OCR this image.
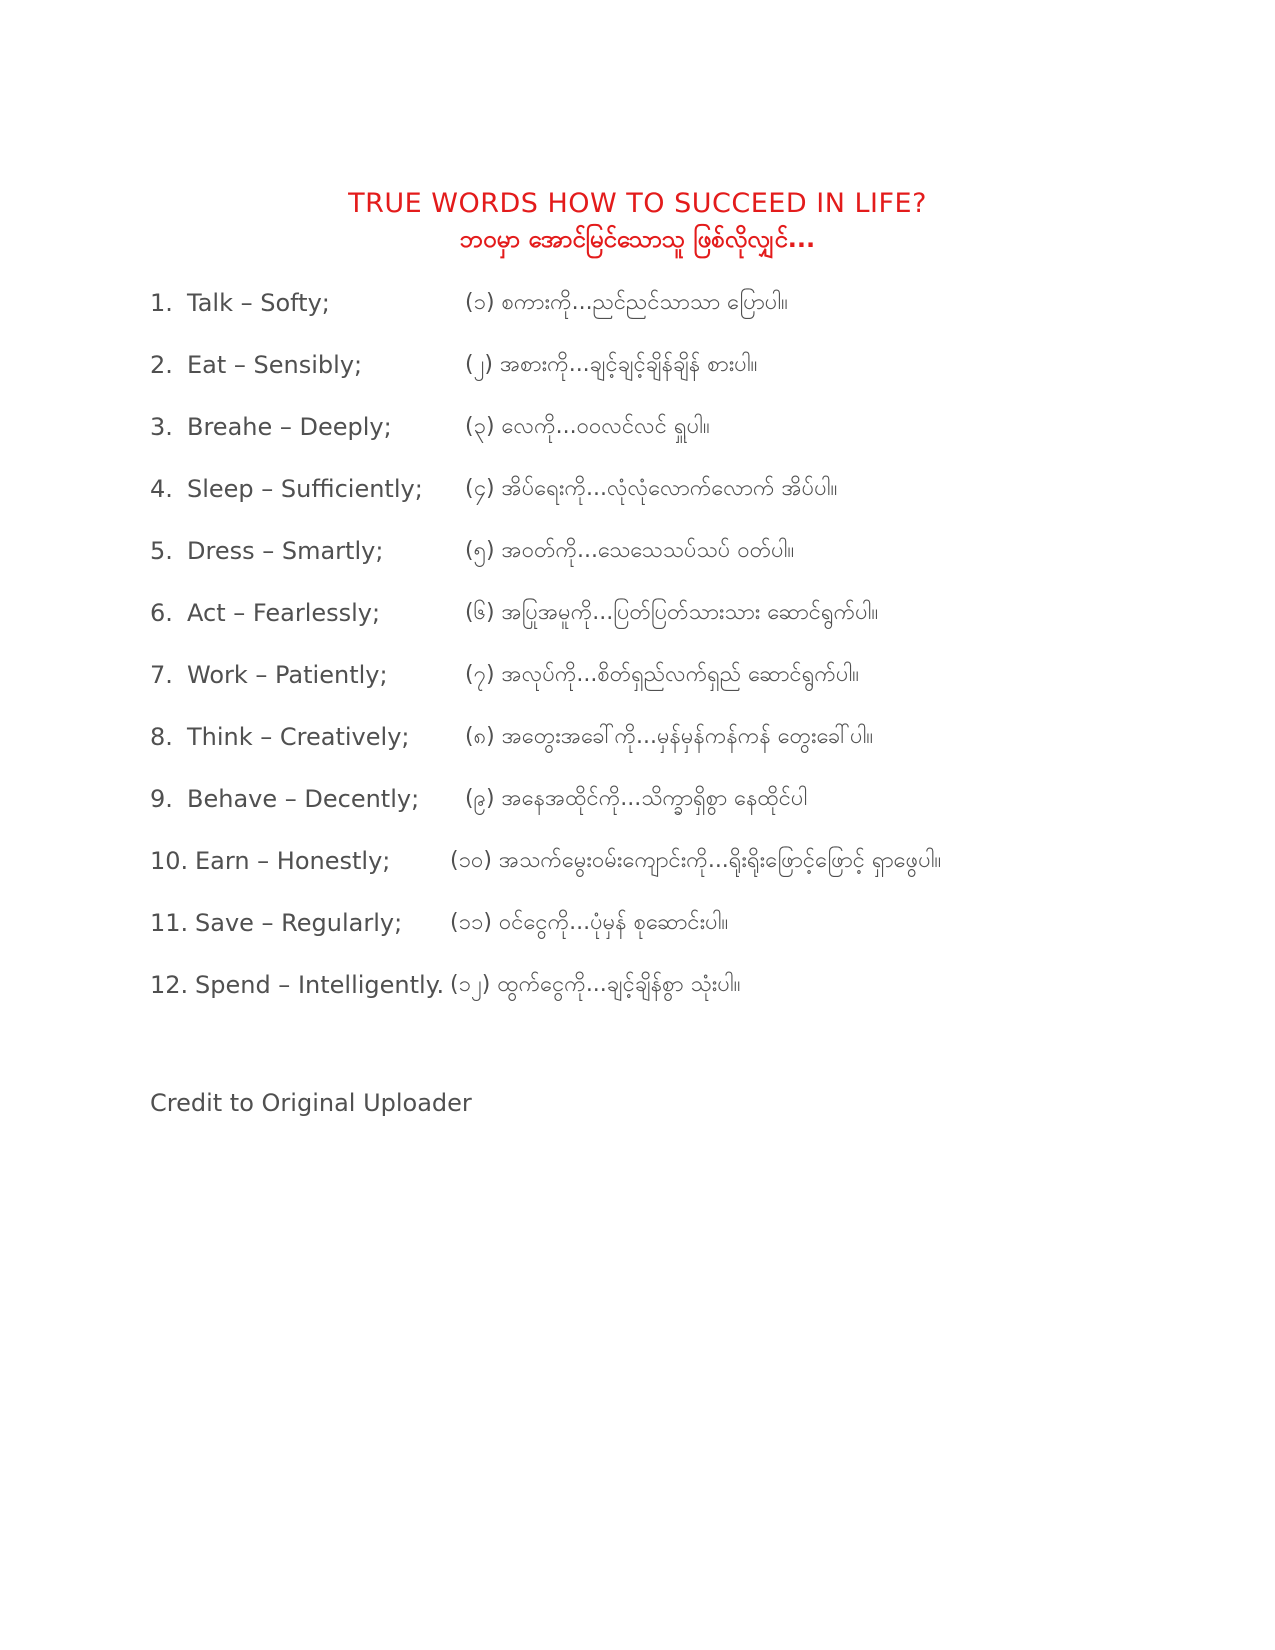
TRUE WORDS HOW TO SUCCEED IN LIFE?
ဘဝမှာ အောင်မြင်သောသူ ဖြစ်လိုလျှင်...
1. Talk – Softy;	(၁) စကားကို...ညင်ညင်သာသာ ပြောပါ။
2. Eat – Sensibly;	(၂) အစားကို...ချင့်ချင့်ချိန်ချိန် စားပါ။
3. Breahe – Deeply;	(၃) လေကို...ဝဝလင်လင် ရှူပါ။
4. Sleep – Sufficiently; (၄) အိပ်ရေးကို...လုံလုံလောက်လောက် အိပ်ပါ။
5. Dress – Smartly;	(၅) အဝတ်ကို...သေသေသပ်သပ် ဝတ်ပါ။
6. Act – Fearlessly;	(၆) အပြုအမူကို...ပြတ်ပြတ်သားသား ဆောင်ရွက်ပါ။
7. Work – Patiently;	(၇) အလုပ်ကို...စိတ်ရှည်လက်ရှည် ဆောင်ရွက်ပါ။
8. Think – Creatively;	(၈) အတွေးအခေါ်ကို...မှန်မှန်ကန်ကန် တွေးခေါ်ပါ။
9. Behave – Decently; (၉) အနေအထိုင်ကို...သိက္ခာရှိစွာ နေထိုင်ပါ
10. Earn – Honestly;	(၁၀) အသက်မွေးဝမ်းကျောင်းကို...ရိုးရိုးဖြောင့်ဖြောင့် ရှာဖွေပါ။
11. Save – Regularly; (၁၁) ဝင်ငွေကို...ပုံမှန် စုဆောင်းပါ။
12. Spend – Intelligently. (၁၂) ထွက်ငွေကို...ချင့်ချိန်စွာ သုံးပါ။
Credit to Original Uploader
